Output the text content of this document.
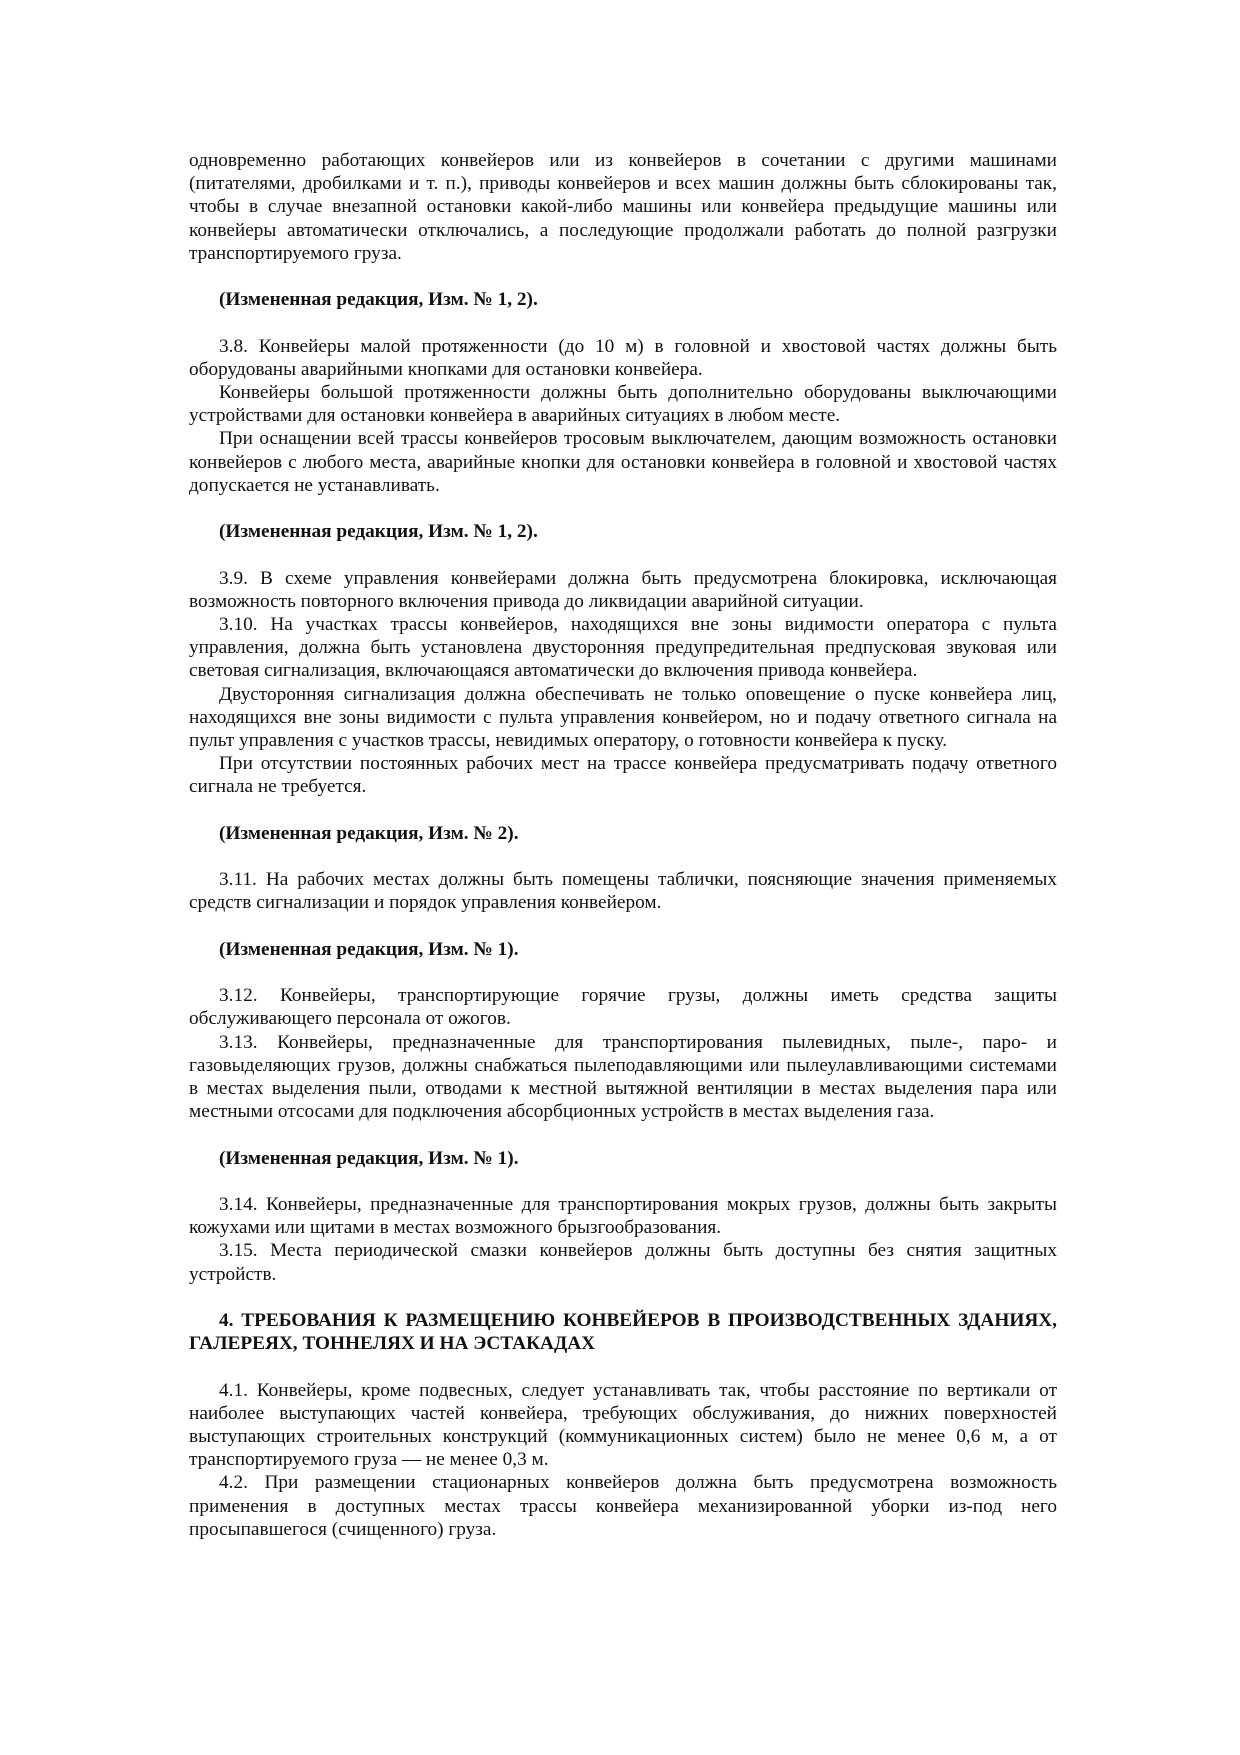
одновременно работающих конвейеров или из конвейеров в сочетании с другими машинами (питателями, дробилками и т. п.), приводы конвейеров и всех машин должны быть сблокированы так, чтобы в случае внезапной остановки какой-либо машины или конвейера предыдущие машины или конвейеры автоматически отключались, а последующие продолжали работать до полной разгрузки транспортируемого груза.

(Измененная редакция, Изм. № 1, 2).

3.8. Конвейеры малой протяженности (до 10 м) в головной и хвостовой частях должны быть оборудованы аварийными кнопками для остановки конвейера.

Конвейеры большой протяженности должны быть дополнительно оборудованы выключающими устройствами для остановки конвейера в аварийных ситуациях в любом месте.

При оснащении всей трассы конвейеров тросовым выключателем, дающим возможность остановки конвейеров с любого места, аварийные кнопки для остановки конвейера в головной и хвостовой частях допускается не устанавливать.

(Измененная редакция, Изм. № 1, 2).

3.9. В схеме управления конвейерами должна быть предусмотрена блокировка, исключающая возможность повторного включения привода до ликвидации аварийной ситуации.

3.10. На участках трассы конвейеров, находящихся вне зоны видимости оператора с пульта управления, должна быть установлена двусторонняя предупредительная предпусковая звуковая или световая сигнализация, включающаяся автоматически до включения привода конвейера.

Двусторонняя сигнализация должна обеспечивать не только оповещение о пуске конвейера лиц, находящихся вне зоны видимости с пульта управления конвейером, но и подачу ответного сигнала на пульт управления с участков трассы, невидимых оператору, о готовности конвейера к пуску.

При отсутствии постоянных рабочих мест на трассе конвейера предусматривать подачу ответного сигнала не требуется.

(Измененная редакция, Изм. № 2).

3.11. На рабочих местах должны быть помещены таблички, поясняющие значения применяемых средств сигнализации и порядок управления конвейером.

(Измененная редакция, Изм. № 1).

3.12. Конвейеры, транспортирующие горячие грузы, должны иметь средства защиты обслуживающего персонала от ожогов.

3.13. Конвейеры, предназначенные для транспортирования пылевидных, пыле-, паро- и газовыделяющих грузов, должны снабжаться пылеподавляющими или пылеулавливающими системами в местах выделения пыли, отводами к местной вытяжной вентиляции в местах выделения пара или местными отсосами для подключения абсорбционных устройств в местах выделения газа.

(Измененная редакция, Изм. № 1).

3.14. Конвейеры, предназначенные для транспортирования мокрых грузов, должны быть закрыты кожухами или щитами в местах возможного брызгообразования.

3.15. Места периодической смазки конвейеров должны быть доступны без снятия защитных устройств.

4. ТРЕБОВАНИЯ К РАЗМЕЩЕНИЮ КОНВЕЙЕРОВ В ПРОИЗВОДСТВЕННЫХ ЗДАНИЯХ, ГАЛЕРЕЯХ, ТОННЕЛЯХ И НА ЭСТАКАДАХ

4.1. Конвейеры, кроме подвесных, следует устанавливать так, чтобы расстояние по вертикали от наиболее выступающих частей конвейера, требующих обслуживания, до нижних поверхностей выступающих строительных конструкций (коммуникационных систем) было не менее 0,6 м, а от транспортируемого груза — не менее 0,3 м.

4.2. При размещении стационарных конвейеров должна быть предусмотрена возможность применения в доступных местах трассы конвейера механизированной уборки из-под него просыпавшегося (счищенного) груза.
